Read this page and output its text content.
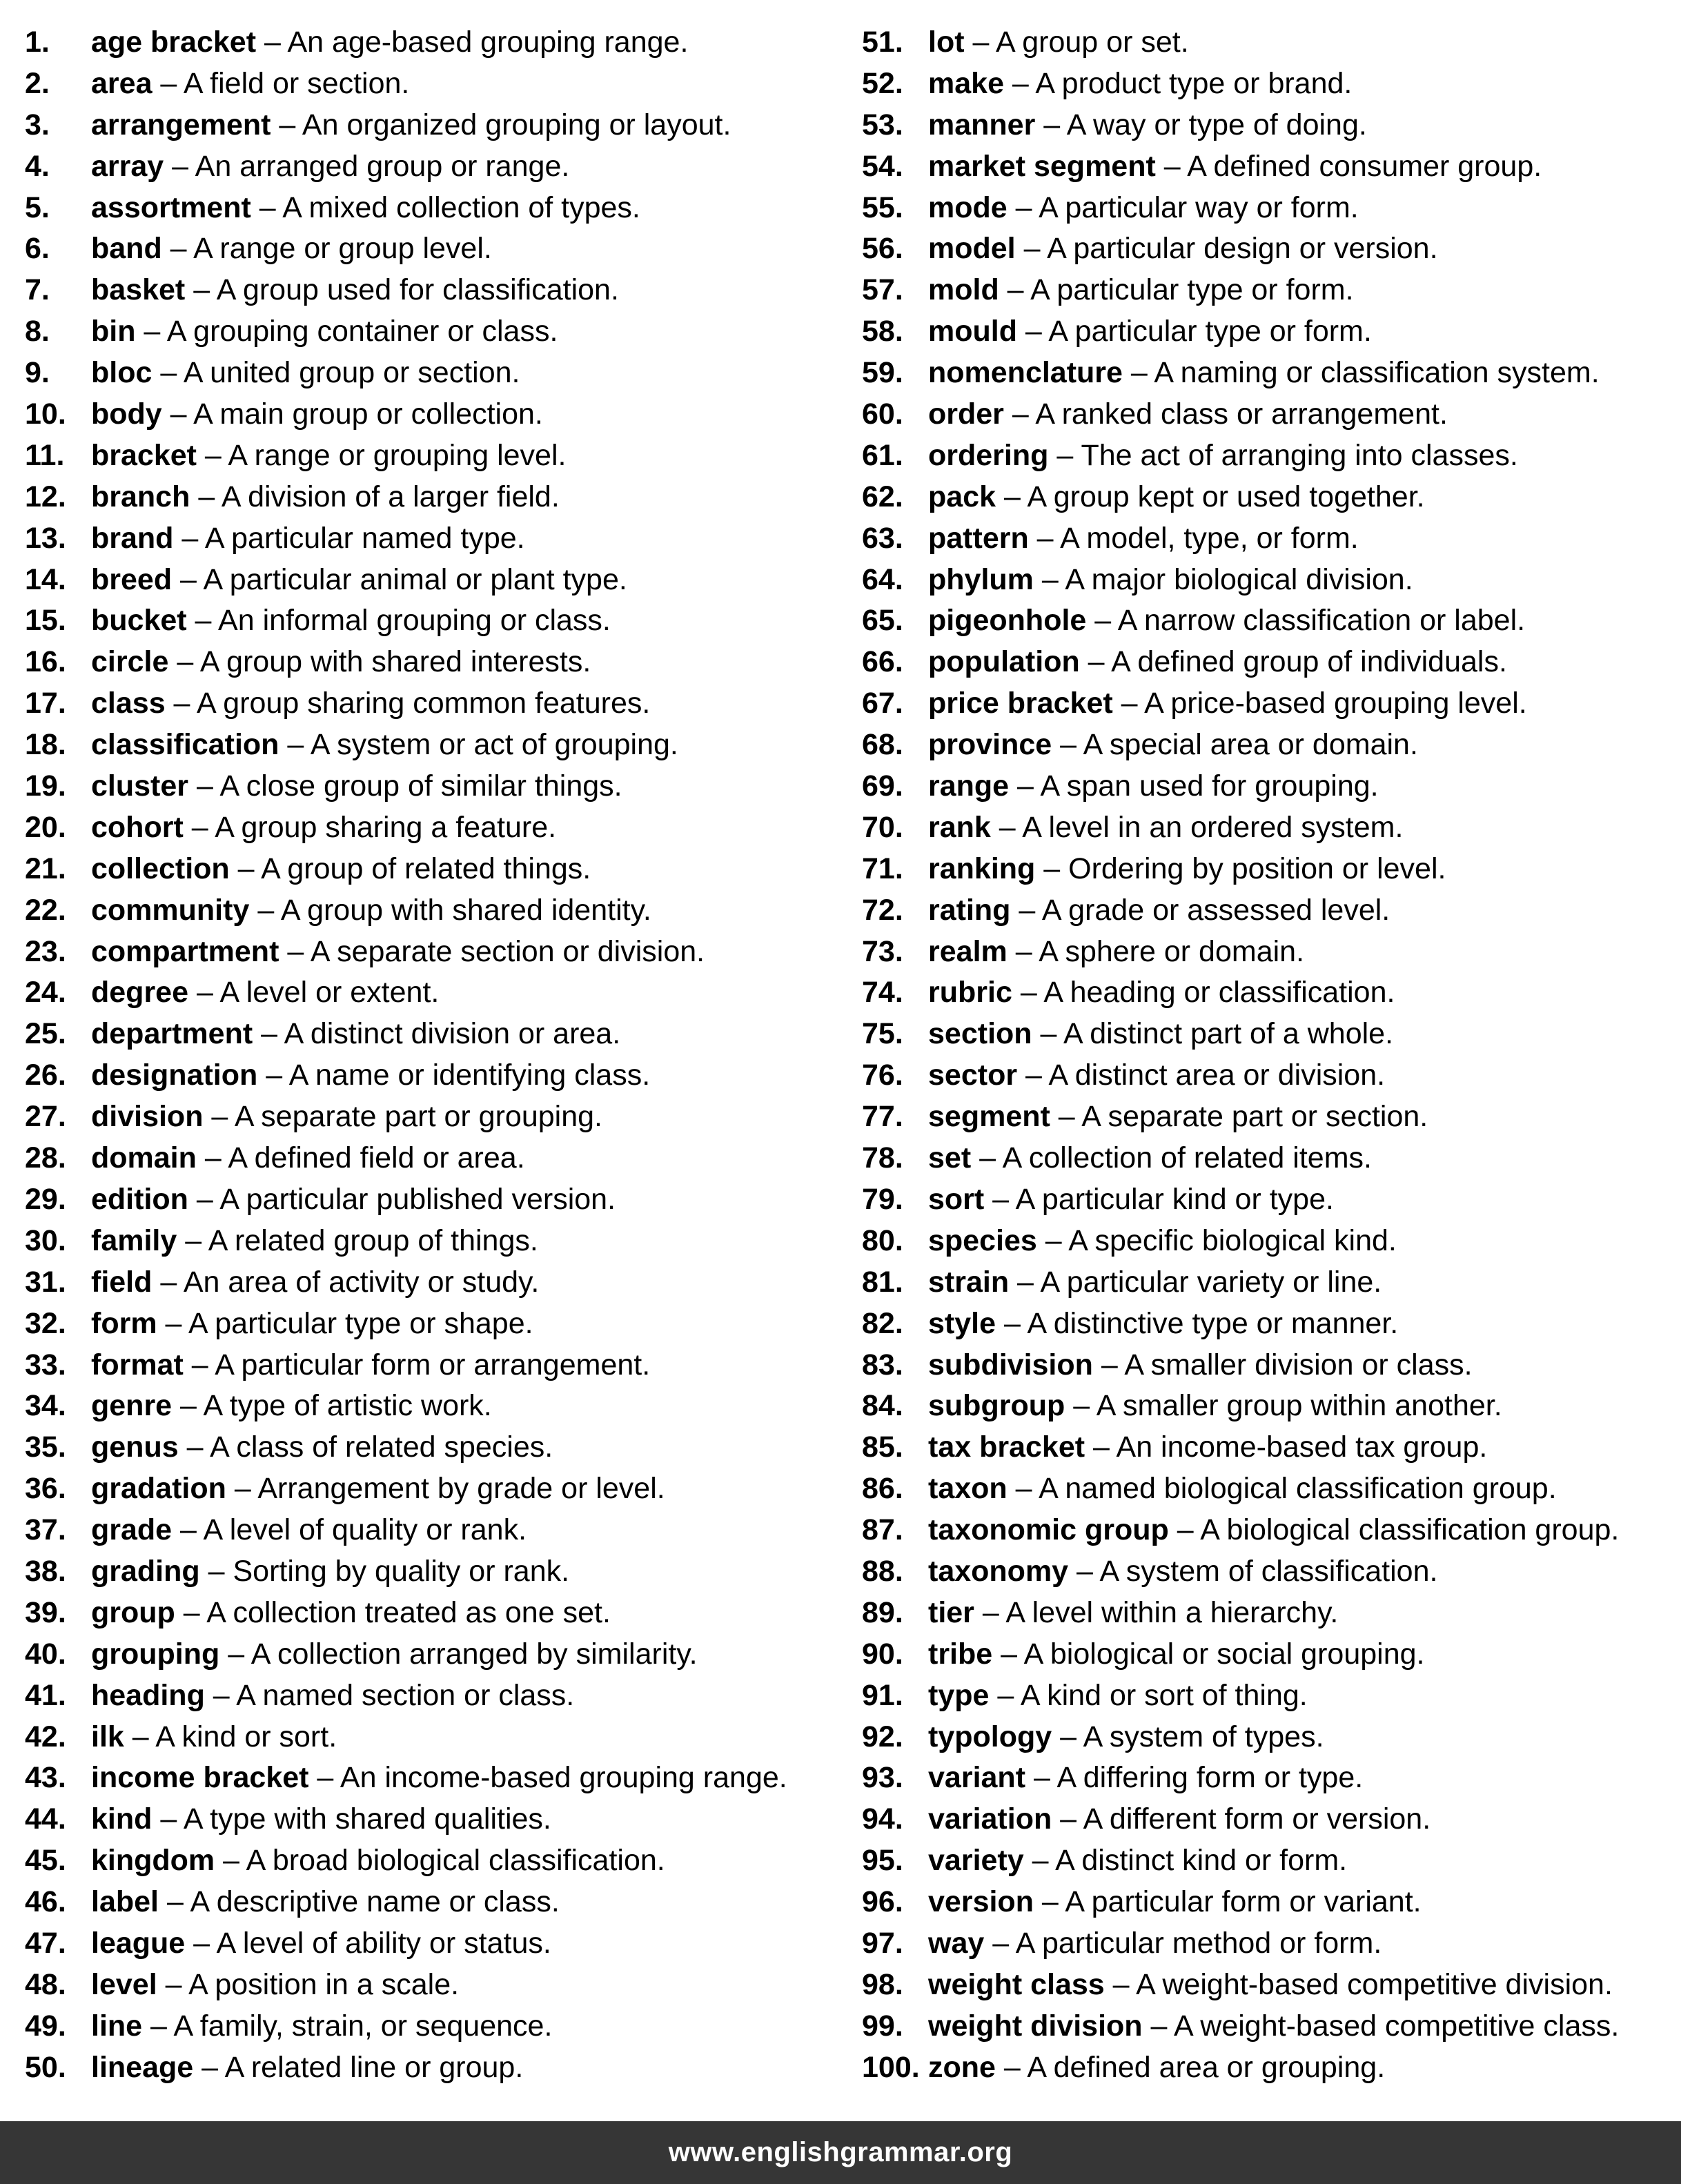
1. age bracket – An age-based grouping range.
2. area – A field or section.
3. arrangement – An organized grouping or layout.
4. array – An arranged group or range.
5. assortment – A mixed collection of types.
6. band – A range or group level.
7. basket – A group used for classification.
8. bin – A grouping container or class.
9. bloc – A united group or section.
10. body – A main group or collection.
11. bracket – A range or grouping level.
12. branch – A division of a larger field.
13. brand – A particular named type.
14. breed – A particular animal or plant type.
15. bucket – An informal grouping or class.
16. circle – A group with shared interests.
17. class – A group sharing common features.
18. classification – A system or act of grouping.
19. cluster – A close group of similar things.
20. cohort – A group sharing a feature.
21. collection – A group of related things.
22. community – A group with shared identity.
23. compartment – A separate section or division.
24. degree – A level or extent.
25. department – A distinct division or area.
26. designation – A name or identifying class.
27. division – A separate part or grouping.
28. domain – A defined field or area.
29. edition – A particular published version.
30. family – A related group of things.
31. field – An area of activity or study.
32. form – A particular type or shape.
33. format – A particular form or arrangement.
34. genre – A type of artistic work.
35. genus – A class of related species.
36. gradation – Arrangement by grade or level.
37. grade – A level of quality or rank.
38. grading – Sorting by quality or rank.
39. group – A collection treated as one set.
40. grouping – A collection arranged by similarity.
41. heading – A named section or class.
42. ilk – A kind or sort.
43. income bracket – An income-based grouping range.
44. kind – A type with shared qualities.
45. kingdom – A broad biological classification.
46. label – A descriptive name or class.
47. league – A level of ability or status.
48. level – A position in a scale.
49. line – A family, strain, or sequence.
50. lineage – A related line or group.
51. lot – A group or set.
52. make – A product type or brand.
53. manner – A way or type of doing.
54. market segment – A defined consumer group.
55. mode – A particular way or form.
56. model – A particular design or version.
57. mold – A particular type or form.
58. mould – A particular type or form.
59. nomenclature – A naming or classification system.
60. order – A ranked class or arrangement.
61. ordering – The act of arranging into classes.
62. pack – A group kept or used together.
63. pattern – A model, type, or form.
64. phylum – A major biological division.
65. pigeonhole – A narrow classification or label.
66. population – A defined group of individuals.
67. price bracket – A price-based grouping level.
68. province – A special area or domain.
69. range – A span used for grouping.
70. rank – A level in an ordered system.
71. ranking – Ordering by position or level.
72. rating – A grade or assessed level.
73. realm – A sphere or domain.
74. rubric – A heading or classification.
75. section – A distinct part of a whole.
76. sector – A distinct area or division.
77. segment – A separate part or section.
78. set – A collection of related items.
79. sort – A particular kind or type.
80. species – A specific biological kind.
81. strain – A particular variety or line.
82. style – A distinctive type or manner.
83. subdivision – A smaller division or class.
84. subgroup – A smaller group within another.
85. tax bracket – An income-based tax group.
86. taxon – A named biological classification group.
87. taxonomic group – A biological classification group.
88. taxonomy – A system of classification.
89. tier – A level within a hierarchy.
90. tribe – A biological or social grouping.
91. type – A kind or sort of thing.
92. typology – A system of types.
93. variant – A differing form or type.
94. variation – A different form or version.
95. variety – A distinct kind or form.
96. version – A particular form or variant.
97. way – A particular method or form.
98. weight class – A weight-based competitive division.
99. weight division – A weight-based competitive class.
100. zone – A defined area or grouping.
www.englishgrammar.org
